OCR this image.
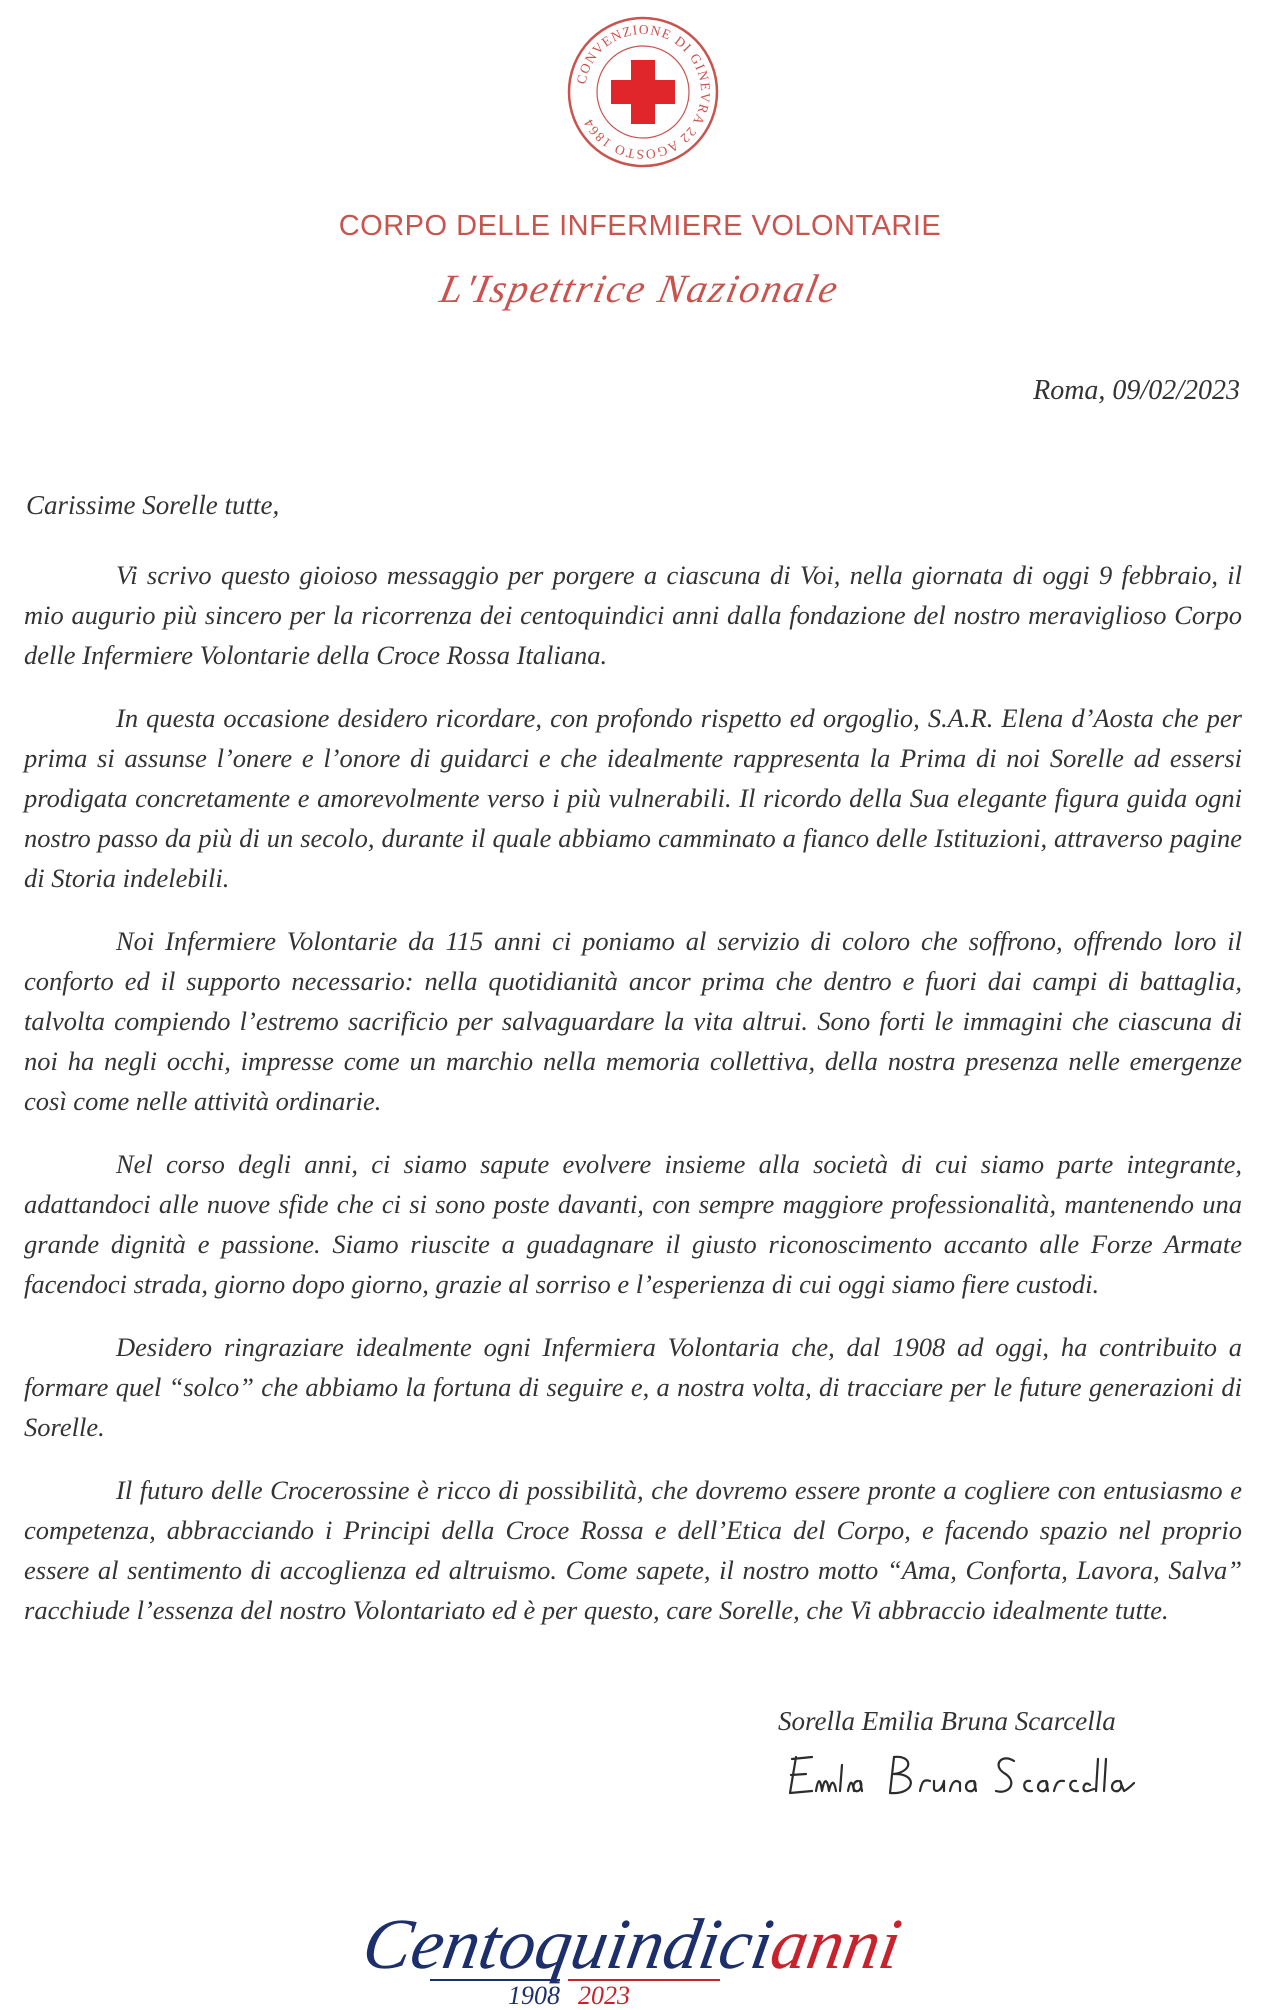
CONVENZIONE DI GINEVRA 22 AGOSTO 1864
CORPO DELLE INFERMIERE VOLONTARIE
L'Ispettrice Nazionale
Roma, 09/02/2023
Carissime Sorelle tutte,

Vi scrivo questo gioioso messaggio per porgere a ciascuna di Voi, nella giornata di oggi 9 febbraio, il mio augurio più sincero per la ricorrenza dei centoquindici anni dalla fondazione del nostro meraviglioso Corpo delle Infermiere Volontarie della Croce Rossa Italiana.

In questa occasione desidero ricordare, con profondo rispetto ed orgoglio, S.A.R. Elena d’Aosta che per prima si assunse l’onere e l’onore di guidarci e che idealmente rappresenta la Prima di noi Sorelle ad essersi prodigata concretamente e amorevolmente verso i più vulnerabili. Il ricordo della Sua elegante figura guida ogni nostro passo da più di un secolo, durante il quale abbiamo camminato a fianco delle Istituzioni, attraverso pagine di Storia indelebili.

Noi Infermiere Volontarie da 115 anni ci poniamo al servizio di coloro che soffrono, offrendo loro il conforto ed il supporto necessario: nella quotidianità ancor prima che dentro e fuori dai campi di battaglia, talvolta compiendo l’estremo sacrificio per salvaguardare la vita altrui. Sono forti le immagini che ciascuna di noi ha negli occhi, impresse come un marchio nella memoria collettiva, della nostra presenza nelle emergenze così come nelle attività ordinarie.

Nel corso degli anni, ci siamo sapute evolvere insieme alla società di cui siamo parte integrante, adattandoci alle nuove sfide che ci si sono poste davanti, con sempre maggiore professionalità, mantenendo una grande dignità e passione. Siamo riuscite a guadagnare il giusto riconoscimento accanto alle Forze Armate facendoci strada, giorno dopo giorno, grazie al sorriso e l’esperienza di cui oggi siamo fiere custodi.

Desidero ringraziare idealmente ogni Infermiera Volontaria che, dal 1908 ad oggi, ha contribuito a formare quel “solco” che abbiamo la fortuna di seguire e, a nostra volta, di tracciare per le future generazioni di Sorelle.

Il futuro delle Crocerossine è ricco di possibilità, che dovremo essere pronte a cogliere con entusiasmo e competenza, abbracciando i Principi della Croce Rossa e dell’Etica del Corpo, e facendo spazio nel proprio essere al sentimento di accoglienza ed altruismo. Come sapete, il nostro motto “Ama, Conforta, Lavora, Salva” racchiude l’essenza del nostro Volontariato ed è per questo, care Sorelle, che Vi abbraccio idealmente tutte.

Sorella Emilia Bruna Scarcella
Emilia Bruna Scarcella
Centoquindicianni
1908 2023
